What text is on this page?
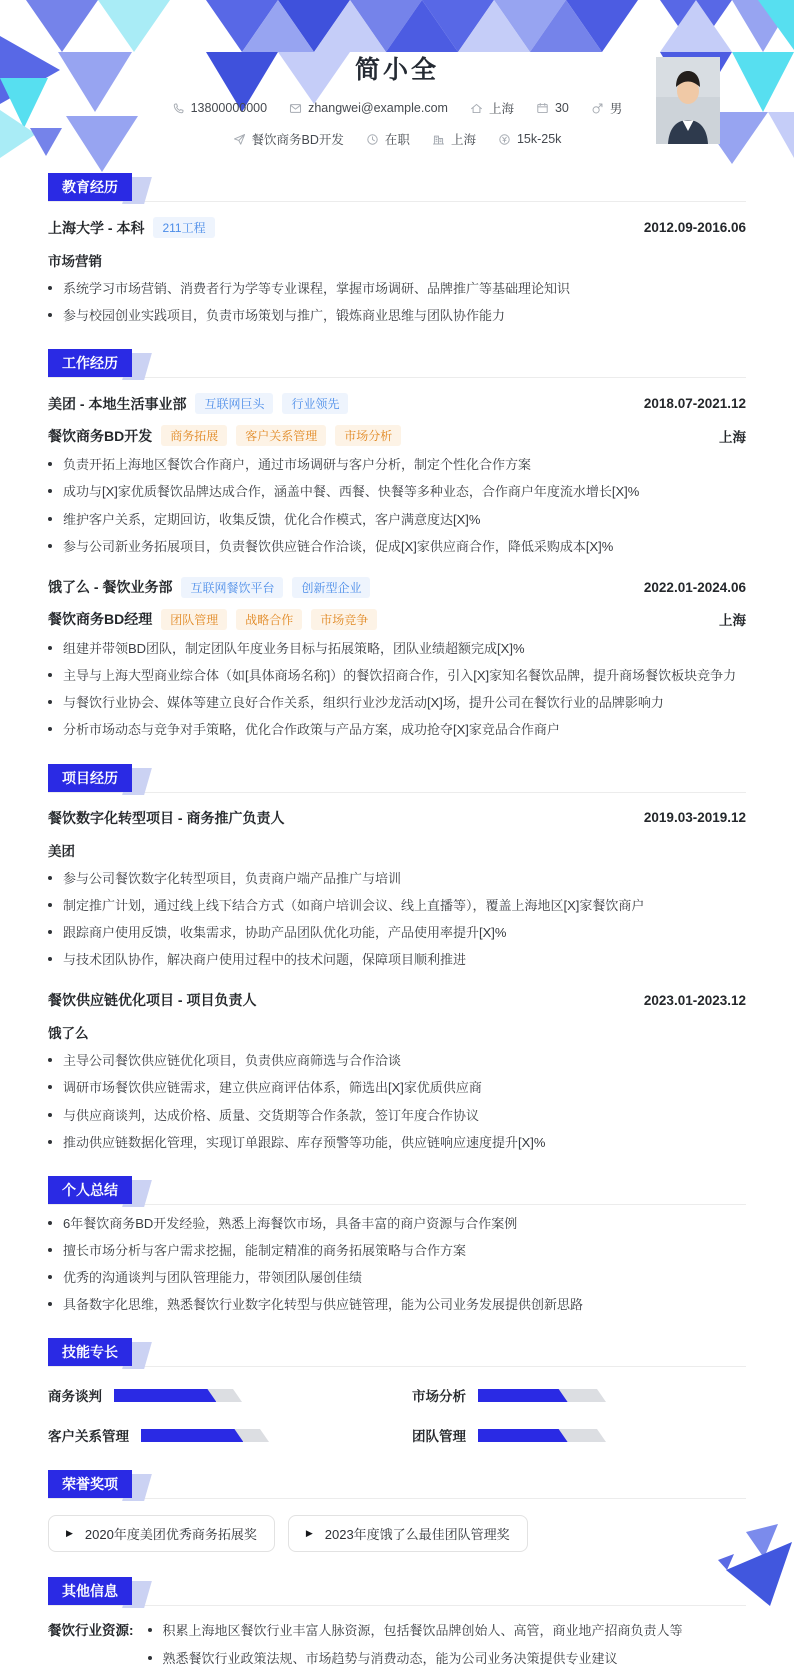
简小全
13800000000	zhangwei@example.com	上海	30	男
餐饮商务BD开发	在职	上海	15k-25k
教育经历
上海大学 - 本科	211工程	2012.09-2016.06
市场营销
系统学习市场营销、消费者行为学等专业课程，掌握市场调研、品牌推广等基础理论知识
参与校园创业实践项目，负责市场策划与推广，锻炼商业思维与团队协作能力
工作经历
美团 - 本地生活事业部	互联网巨头	行业领先	2018.07-2021.12
餐饮商务BD开发	商务拓展	客户关系管理	市场分析	上海
负责开拓上海地区餐饮合作商户，通过市场调研与客户分析，制定个性化合作方案
成功与[X]家优质餐饮品牌达成合作，涵盖中餐、西餐、快餐等多种业态，合作商户年度流水增长[X]%
维护客户关系，定期回访，收集反馈，优化合作模式，客户满意度达[X]%
参与公司新业务拓展项目，负责餐饮供应链合作洽谈，促成[X]家供应商合作，降低采购成本[X]%
饿了么 - 餐饮业务部	互联网餐饮平台	创新型企业	2022.01-2024.06
餐饮商务BD经理	团队管理	战略合作	市场竞争	上海
组建并带领BD团队，制定团队年度业务目标与拓展策略，团队业绩超额完成[X]%
主导与上海大型商业综合体（如[具体商场名称]）的餐饮招商合作，引入[X]家知名餐饮品牌，提升商场餐饮板块竞争力
与餐饮行业协会、媒体等建立良好合作关系，组织行业沙龙活动[X]场，提升公司在餐饮行业的品牌影响力
分析市场动态与竞争对手策略，优化合作政策与产品方案，成功抢夺[X]家竞品合作商户
项目经历
餐饮数字化转型项目 - 商务推广负责人	2019.03-2019.12
美团
参与公司餐饮数字化转型项目，负责商户端产品推广与培训
制定推广计划，通过线上线下结合方式（如商户培训会议、线上直播等），覆盖上海地区[X]家餐饮商户
跟踪商户使用反馈，收集需求，协助产品团队优化功能，产品使用率提升[X]%
与技术团队协作，解决商户使用过程中的技术问题，保障项目顺利推进
餐饮供应链优化项目 - 项目负责人	2023.01-2023.12
饿了么
主导公司餐饮供应链优化项目，负责供应商筛选与合作洽谈
调研市场餐饮供应链需求，建立供应商评估体系，筛选出[X]家优质供应商
与供应商谈判，达成价格、质量、交货期等合作条款，签订年度合作协议
推动供应链数据化管理，实现订单跟踪、库存预警等功能，供应链响应速度提升[X]%
个人总结
6年餐饮商务BD开发经验，熟悉上海餐饮市场，具备丰富的商户资源与合作案例
擅长市场分析与客户需求挖掘，能制定精准的商务拓展策略与合作方案
优秀的沟通谈判与团队管理能力，带领团队屡创佳绩
具备数字化思维，熟悉餐饮行业数字化转型与供应链管理，能为公司业务发展提供创新思路
技能专长
商务谈判	市场分析
客户关系管理	团队管理
荣誉奖项
▶ 2020年度美团优秀商务拓展奖	▶ 2023年度饿了么最佳团队管理奖
其他信息
餐饮行业资源: 积累上海地区餐饮行业丰富人脉资源，包括餐饮品牌创始人、高管，商业地产招商负责人等
熟悉餐饮行业政策法规、市场趋势与消费动态，能为公司业务决策提供专业建议
